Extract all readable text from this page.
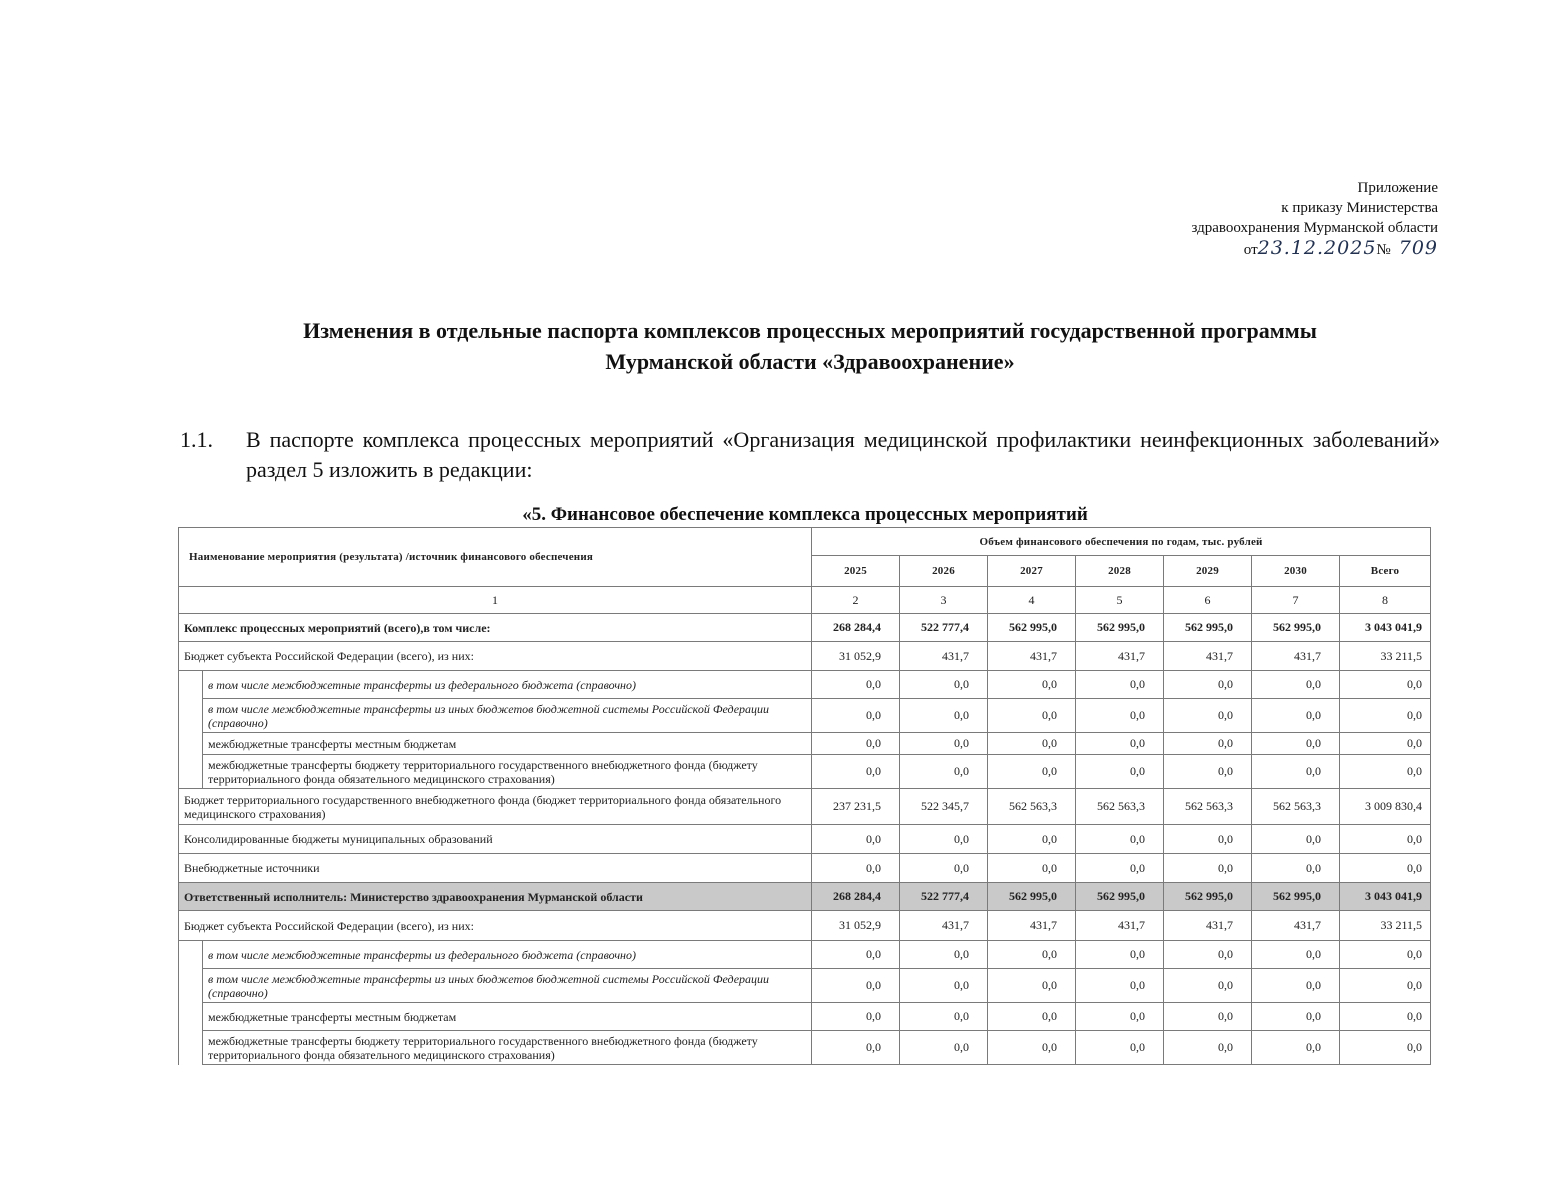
Приложение
к приказу Министерства
здравоохранения Мурманской области
от23.12.2025№ 709
Изменения в отдельные паспорта комплексов процессных мероприятий государственной программы
Мурманской области «Здравоохранение»
1.1. В паспорте комплекса процессных мероприятий «Организация медицинской профилактики неинфекционных заболеваний» раздел 5 изложить в редакции:
«5. Финансовое обеспечение комплекса процессных мероприятий
Наименование мероприятия (результата) /источник финансового обеспечения		Объем финансового обеспечения по годам, тыс. рублей						
		2025	2026	2027	2028	2029	2030	Всего
1		2	3	4	5	6	7	8
Комплекс процессных мероприятий (всего),в том числе:		268 284,4	522 777,4	562 995,0	562 995,0	562 995,0	562 995,0	3 043 041,9
Бюджет субъекта Российской Федерации (всего), из них:		31 052,9	431,7	431,7	431,7	431,7	431,7	33 211,5
	в том числе межбюджетные трансферты из федерального бюджета (справочно)	0,0	0,0	0,0	0,0	0,0	0,0	0,0
	в том числе межбюджетные трансферты из иных бюджетов бюджетной системы Российской Федерации (справочно)	0,0	0,0	0,0	0,0	0,0	0,0	0,0
	межбюджетные трансферты местным бюджетам	0,0	0,0	0,0	0,0	0,0	0,0	0,0
	межбюджетные трансферты бюджету территориального государственного внебюджетного фонда (бюджету территориального фонда обязательного медицинского страхования)	0,0	0,0	0,0	0,0	0,0	0,0	0,0
Бюджет территориального государственного внебюджетного фонда (бюджет территориального фонда обязательного медицинского страхования)		237 231,5	522 345,7	562 563,3	562 563,3	562 563,3	562 563,3	3 009 830,4
Консолидированные бюджеты муниципальных образований		0,0	0,0	0,0	0,0	0,0	0,0	0,0
Внебюджетные источники		0,0	0,0	0,0	0,0	0,0	0,0	0,0
Ответственный исполнитель: Министерство здравоохранения Мурманской области		268 284,4	522 777,4	562 995,0	562 995,0	562 995,0	562 995,0	3 043 041,9
Бюджет субъекта Российской Федерации (всего), из них:		31 052,9	431,7	431,7	431,7	431,7	431,7	33 211,5
	в том числе межбюджетные трансферты из федерального бюджета (справочно)	0,0	0,0	0,0	0,0	0,0	0,0	0,0
	в том числе межбюджетные трансферты из иных бюджетов бюджетной системы Российской Федерации (справочно)	0,0	0,0	0,0	0,0	0,0	0,0	0,0
	межбюджетные трансферты местным бюджетам	0,0	0,0	0,0	0,0	0,0	0,0	0,0
	межбюджетные трансферты бюджету территориального государственного внебюджетного фонда (бюджету территориального фонда обязательного медицинского страхования)	0,0	0,0	0,0	0,0	0,0	0,0	0,0
